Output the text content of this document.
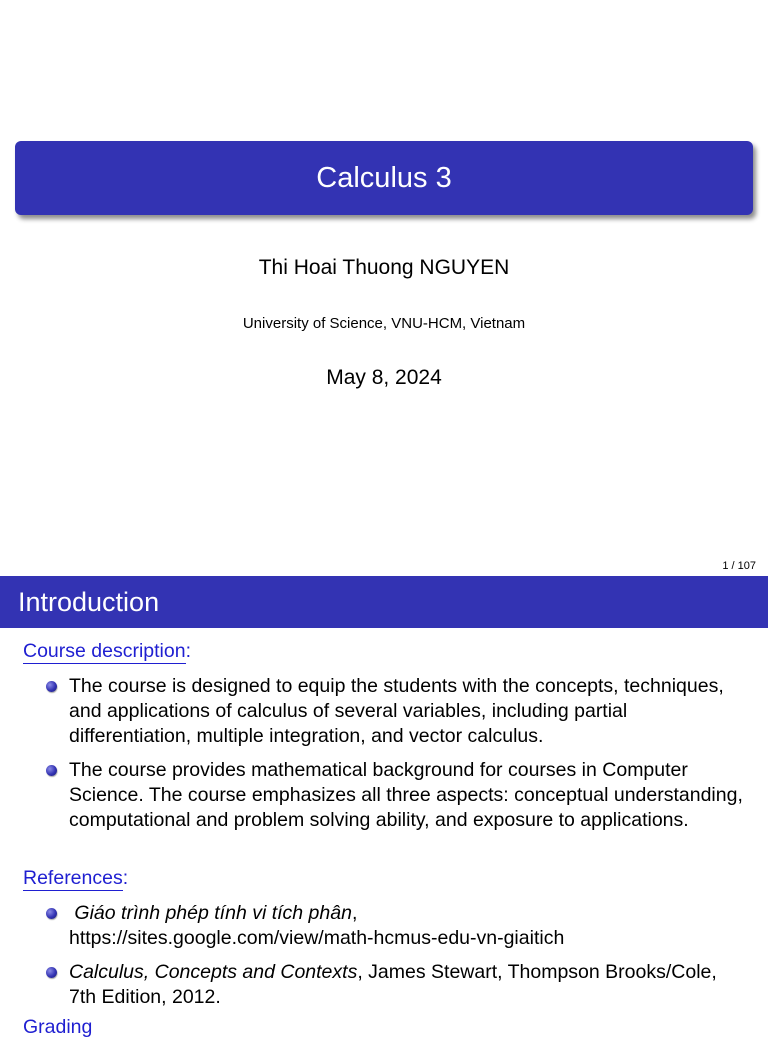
Calculus 3
Thi Hoai Thuong NGUYEN
University of Science, VNU-HCM, Vietnam
May 8, 2024
1 / 107
Introduction
Course description:
The course is designed to equip the students with the concepts, techniques, and applications of calculus of several variables, including partial differentiation, multiple integration, and vector calculus.
The course provides mathematical background for courses in Computer Science. The course emphasizes all three aspects: conceptual understanding, computational and problem solving ability, and exposure to applications.
References:
Giáo trình phép tính vi tích phân,
https://sites.google.com/view/math-hcmus-edu-vn-giaitich
Calculus, Concepts and Contexts, James Stewart, Thompson Brooks/Cole, 7th Edition, 2012.
Grading
